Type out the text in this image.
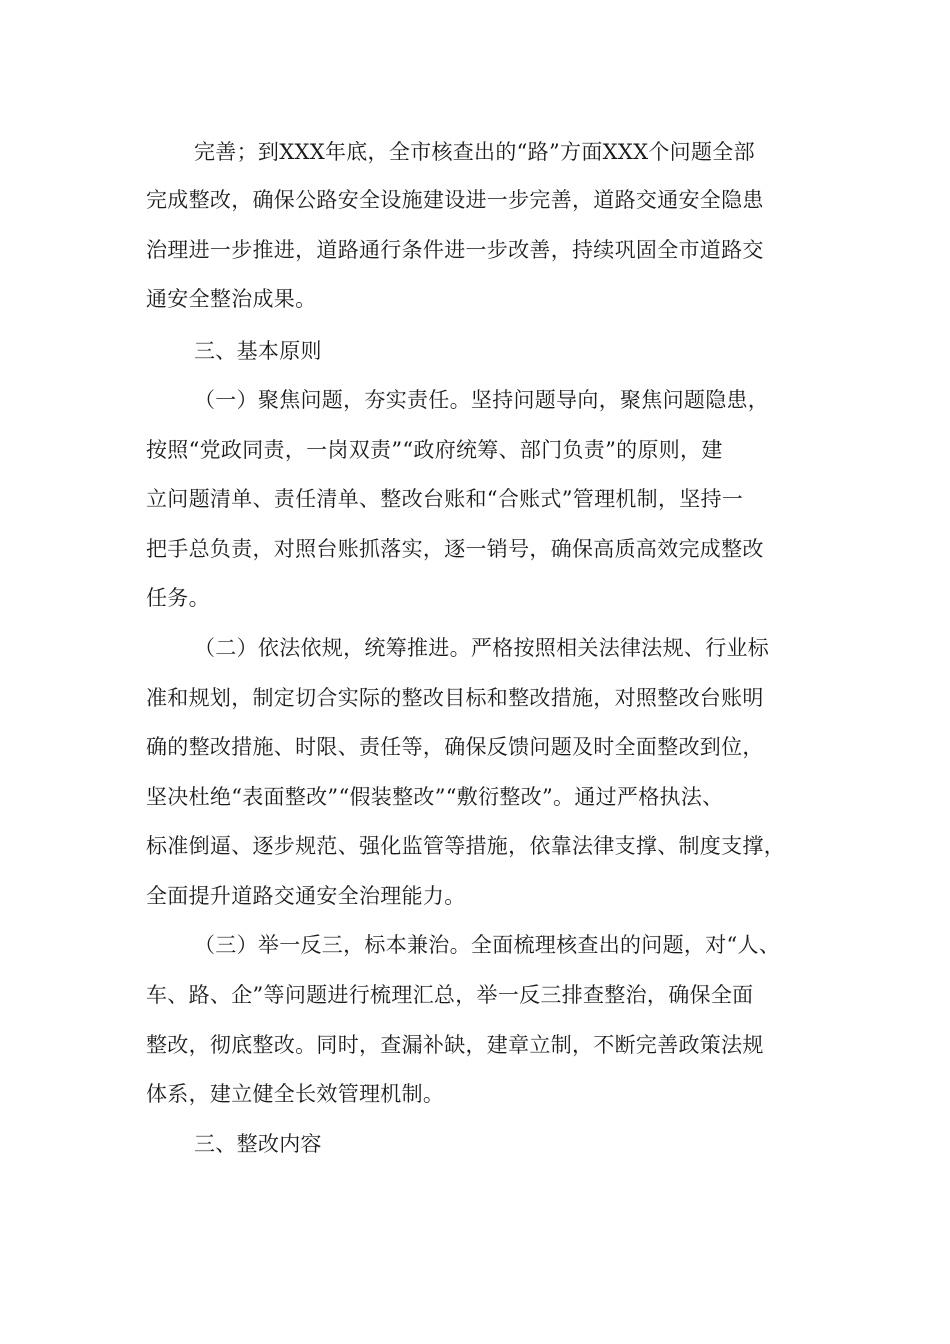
完善；到XXX年底，全市核查出的“路”方面XXX个问题全部
完成整改，确保公路安全设施建设进一步完善，道路交通安全隐患
治理进一步推进，道路通行条件进一步改善，持续巩固全市道路交
通安全整治成果。
三、基本原则
（一）聚焦问题，夯实责任。坚持问题导向，聚焦问题隐患，
按照“党政同责，一岗双责”“政府统筹、部门负责”的原则，建
立问题清单、责任清单、整改台账和“合账式”管理机制，坚持一
把手总负责，对照台账抓落实，逐一销号，确保高质高效完成整改
任务。
（二）依法依规，统筹推进。严格按照相关法律法规、行业标
准和规划，制定切合实际的整改目标和整改措施，对照整改台账明
确的整改措施、时限、责任等，确保反馈问题及时全面整改到位，
坚决杜绝“表面整改”“假装整改”“敷衍整改”。通过严格执法、
标准倒逼、逐步规范、强化监管等措施，依靠法律支撑、制度支撑，
全面提升道路交通安全治理能力。
（三）举一反三，标本兼治。全面梳理核查出的问题，对“人、
车、路、企”等问题进行梳理汇总，举一反三排查整治，确保全面
整改，彻底整改。同时，查漏补缺，建章立制，不断完善政策法规
体系，建立健全长效管理机制。
三、整改内容
